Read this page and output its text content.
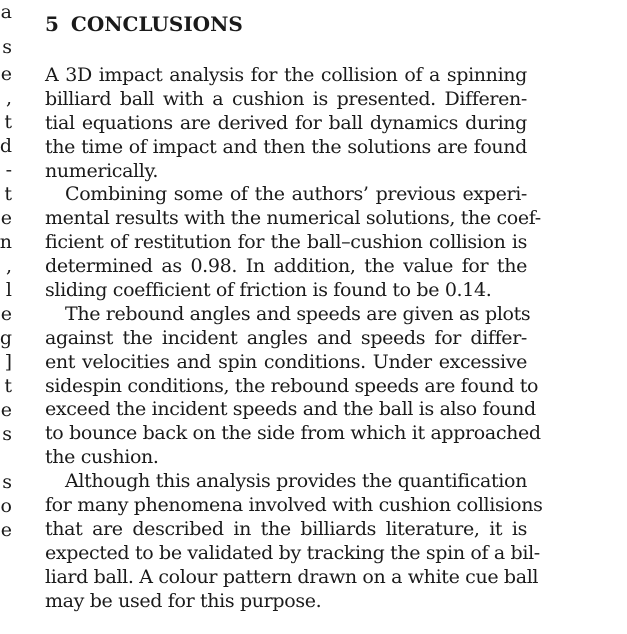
a
s
e
,
t
d
-
t
e
n
,
l
e
g
]
t
e
s
s
o
e
5 CONCLUSIONS
A 3D impact analysis for the collision of a spinning
billiard ball with a cushion is presented. Differen-
tial equations are derived for ball dynamics during
the time of impact and then the solutions are found
numerically.
Combining some of the authors’ previous experi-
mental results with the numerical solutions, the coef-
ficient of restitution for the ball–cushion collision is
determined as 0.98. In addition, the value for the
sliding coefficient of friction is found to be 0.14.
The rebound angles and speeds are given as plots
against the incident angles and speeds for differ-
ent velocities and spin conditions. Under excessive
sidespin conditions, the rebound speeds are found to
exceed the incident speeds and the ball is also found
to bounce back on the side from which it approached
the cushion.
Although this analysis provides the quantification
for many phenomena involved with cushion collisions
that are described in the billiards literature, it is
expected to be validated by tracking the spin of a bil-
liard ball. A colour pattern drawn on a white cue ball
may be used for this purpose.
